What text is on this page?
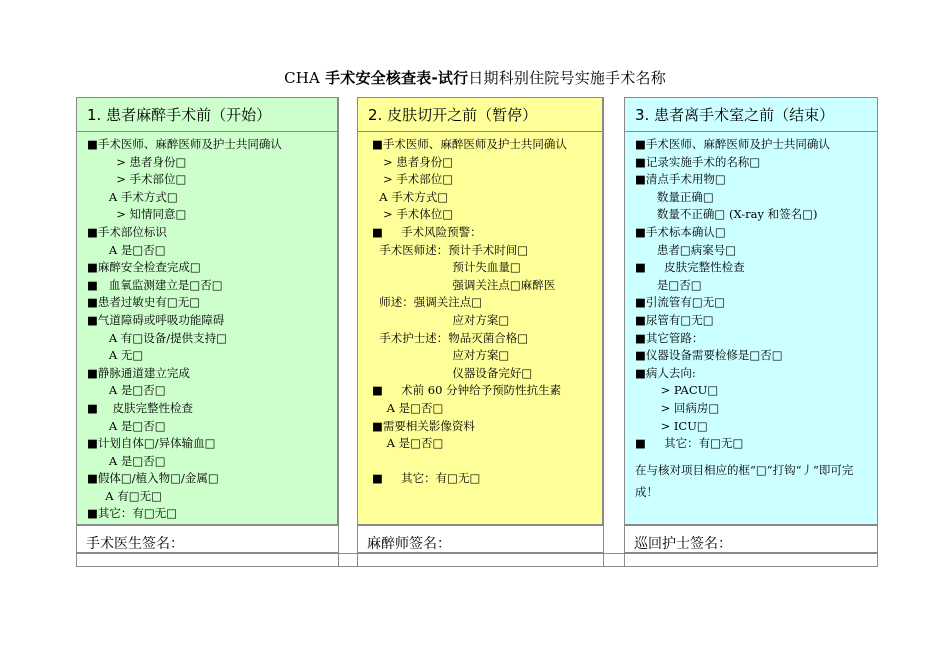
CHA 手术安全核查表-试行日期科别住院号实施手术名称
1. 患者麻醉手术前（开始）
■手术医师、麻醉医师及护士共同确认
> 患者身份□
> 手术部位□
A 手术方式□
> 知情同意□
■手术部位标识
A 是□否□
■麻醉安全检查完成□
■   血氧监测建立是□否□
■患者过敏史有□无□
■气道障碍或呼吸功能障碍
A 有□设备/提供支持□
A 无□
■静脉通道建立完成
A 是□否□
■    皮肤完整性检查
A 是□否□
■计划自体□/异体输血□
A 是□否□
■假体□/植入物□/金属□
A 有□无□
■其它：有□无□
2. 皮肤切开之前（暂停）
■手术医师、麻醉医师及护士共同确认
> 患者身份□
> 手术部位□
A 手术方式□
> 手术体位□
■     手术风险预警：
手术医师述：预计手术时间□
预计失血量□
强调关注点□麻醉医
师述：强调关注点□
应对方案□
手术护士述：物品灭菌合格□
应对方案□
仪器设备完好□
■     术前 60 分钟给予预防性抗生素
A 是□否□
■需要相关影像资料
A 是□否□
■     其它：有□无□
3. 患者离手术室之前（结束）
■手术医师、麻醉医师及护士共同确认
■记录实施手术的名称□
■清点手术用物□
数量正确□
数量不正确□ (X-ray 和签名□)
■手术标本确认□
患者□病案号□
■     皮肤完整性检查
是□否□
■引流管有□无□
■尿管有□无□
■其它管路：
■仪器设备需要检修是□否□
■病人去向:
> PACU□
> 回病房□
> ICU□
■     其它：有□无□
在与核对项目相应的框“□”打钩“丿”即可完成！
手术医生签名：	麻醉师签名：	巡回护士签名：
